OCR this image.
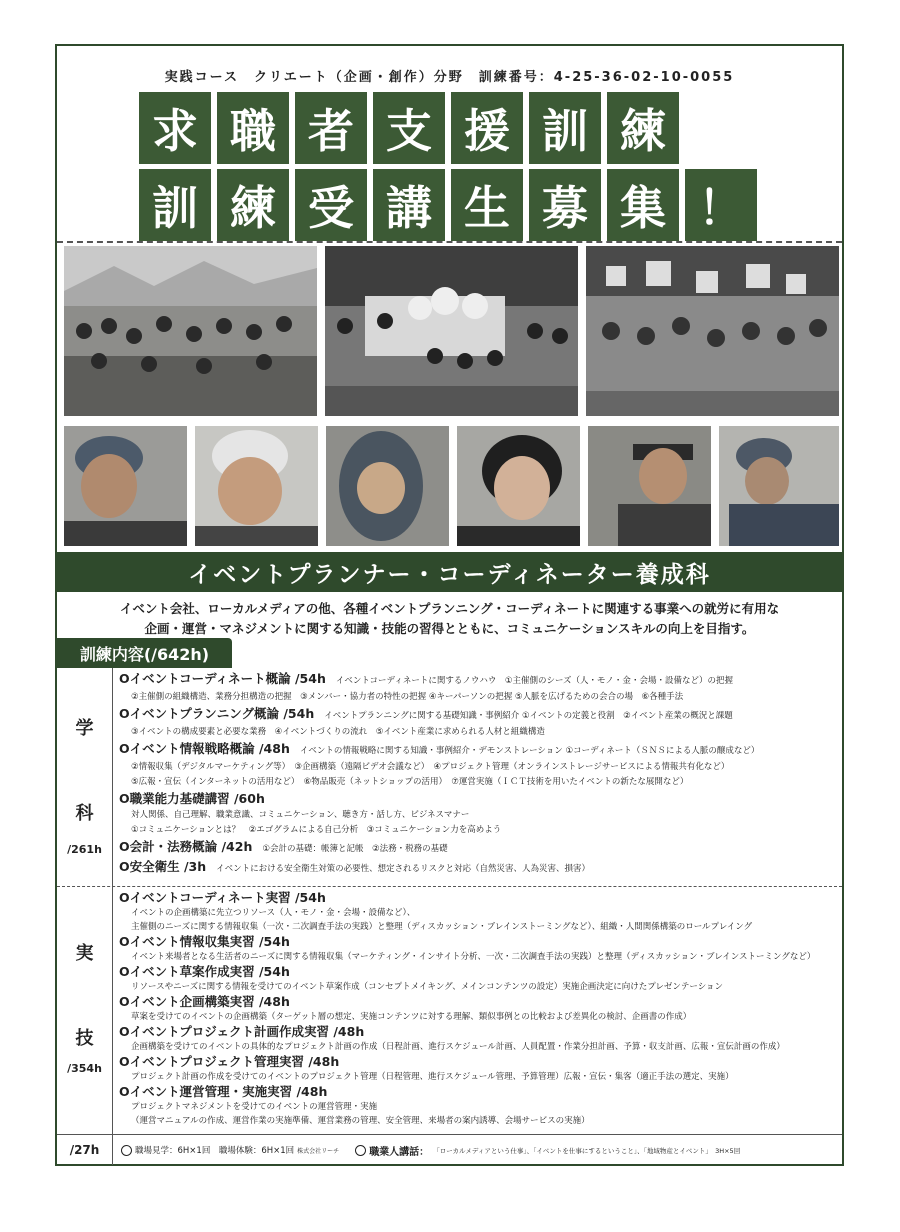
実践コース　クリエート（企画・創作）分野　訓練番号：4-25-36-02-10-0055
求 職 者 支 援 訓 練
訓 練 受 講 生 募 集 ！
イベントプランナー・コーディネーター養成科
イベント会社、ローカルメディアの他、各種イベントプランニング・コーディネートに関連する事業への就労に有用な
企画・運営・マネジメントに関する知識・技能の習得とともに、コミュニケーションスキルの向上を目指す。
訓練内容(/642h)
学
科
/261h
実
技
/354h
Oイベントコーディネート概論 /54h イベントコーディネートに関するノウハウ　①主催側のシーズ（人・モノ・金・会場・設備など）の把握
②主催側の組織構造、業務分担構造の把握　③メンバー・協力者の特性の把握 ④キーパーソンの把握 ⑤人脈を広げるための会合の場　⑥各種手法
Oイベントプランニング概論 /54h イベントプランニングに関する基礎知識・事例紹介 ①イベントの定義と役割　②イベント産業の概況と課題
③イベントの構成要素と必要な業務　④イベントづくりの流れ　⑤イベント産業に求められる人材と組織構造
Oイベント情報戦略概論 /48h イベントの情報戦略に関する知識・事例紹介・デモンストレーション ①コーディネート（ＳＮＳによる人脈の醸成など）
②情報収集（デジタルマーケティング等）　③企画構築（遠隔ビデオ会議など）　④プロジェクト管理（オンラインストレージサービスによる情報共有化など）
⑤広報・宣伝（インターネットの活用など）　⑥物品販売（ネットショップの活用）　⑦運営実施（ＩＣＴ技術を用いたイベントの新たな展開など）
O職業能力基礎講習 /60h
対人関係、自己理解、職業意識、コミュニケーション、聴き方・話し方、ビジネスマナー
①コミュニケーションとは？　②エゴグラムによる自己分析　③コミュニケーション力を高めよう
O会計・法務概論 /42h ①会計の基礎：帳簿と記帳　②法務・税務の基礎
O安全衛生 /3h イベントにおける安全衛生対策の必要性、想定されるリスクと対応（自然災害、人為災害、損害）
Oイベントコーディネート実習 /54h
イベントの企画構築に先立つリソース（人・モノ・金・会場・設備など）、
主催側のニーズに関する情報収集（一次・二次調査手法の実践）と整理（ディスカッション・ブレインストーミングなど）、組織・人間関係構築のロールプレイング
Oイベント情報収集実習 /54h
イベント来場者となる生活者のニーズに関する情報収集（マーケティング・インサイト分析、一次・二次調査手法の実践）と整理（ディスカッション・ブレインストーミングなど）
Oイベント草案作成実習 /54h
リソースやニーズに関する情報を受けてのイベント草案作成（コンセプトメイキング、メインコンテンツの設定）実施企画決定に向けたプレゼンテーション
Oイベント企画構築実習 /48h
草案を受けてのイベントの企画構築（ターゲット層の想定、実施コンテンツに対する理解、類似事例との比較および差異化の検討、企画書の作成）
Oイベントプロジェクト計画作成実習 /48h
企画構築を受けてのイベントの具体的なプロジェクト計画の作成（日程計画、進行スケジュール計画、人員配置・作業分担計画、予算・収支計画、広報・宣伝計画の作成）
Oイベントプロジェクト管理実習 /48h
プロジェクト計画の作成を受けてのイベントのプロジェクト管理（日程管理、進行スケジュール管理、予算管理）広報・宣伝・集客（適正手法の選定、実施）
Oイベント運営管理・実施実習 /48h
プロジェクトマネジメントを受けてのイベントの運営管理・実施
（運営マニュアルの作成、運営作業の実施準備、運営業務の管理、安全管理、来場者の案内誘導、会場サービスの実施）
/27h	職場見学：6H×1回　職場体験：6H×1回 株式会社リーチ	職業人講話： 「ローカルメディアという仕事」、「イベントを仕事にするということ」、「地域物産とイベント」　3H×5回
